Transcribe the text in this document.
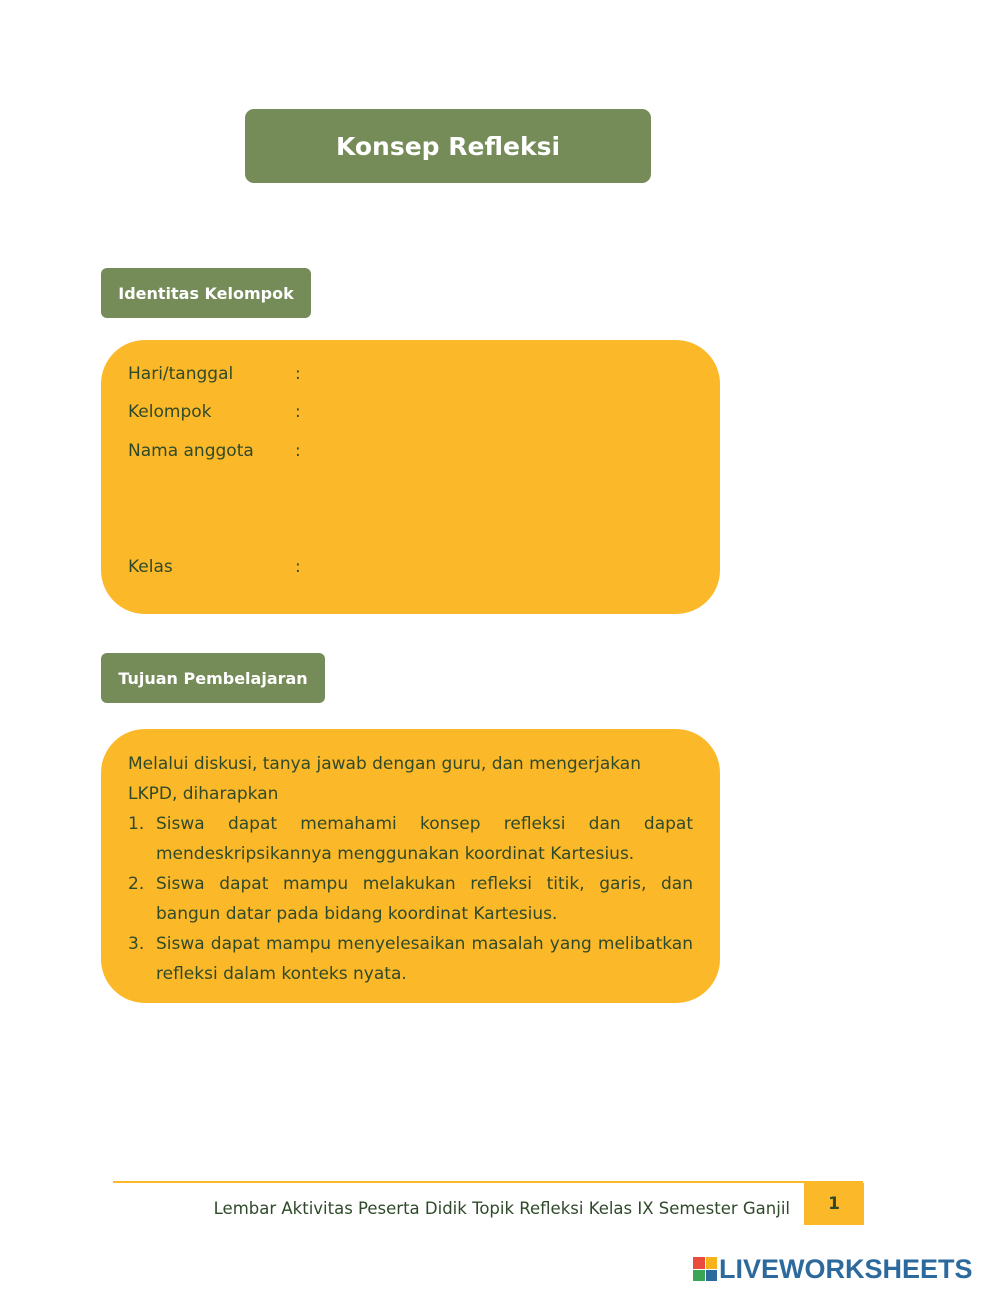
Konsep Refleksi
Identitas Kelompok
Hari/tanggal	:
Kelompok	:
Nama anggota :
Kelas	:
Tujuan Pembelajaran
Melalui diskusi, tanya jawab dengan guru, dan mengerjakan LKPD, diharapkan
1. Siswa dapat memahami konsep refleksi dan dapat mendeskripsikannya menggunakan koordinat Kartesius.
2. Siswa dapat mampu melakukan refleksi titik, garis, dan bangun datar pada bidang koordinat Kartesius.
3. Siswa dapat mampu menyelesaikan masalah yang melibatkan refleksi dalam konteks nyata.
Lembar Aktivitas Peserta Didik Topik Refleksi Kelas IX Semester Ganjil	1
LIVEWORKSHEETS
